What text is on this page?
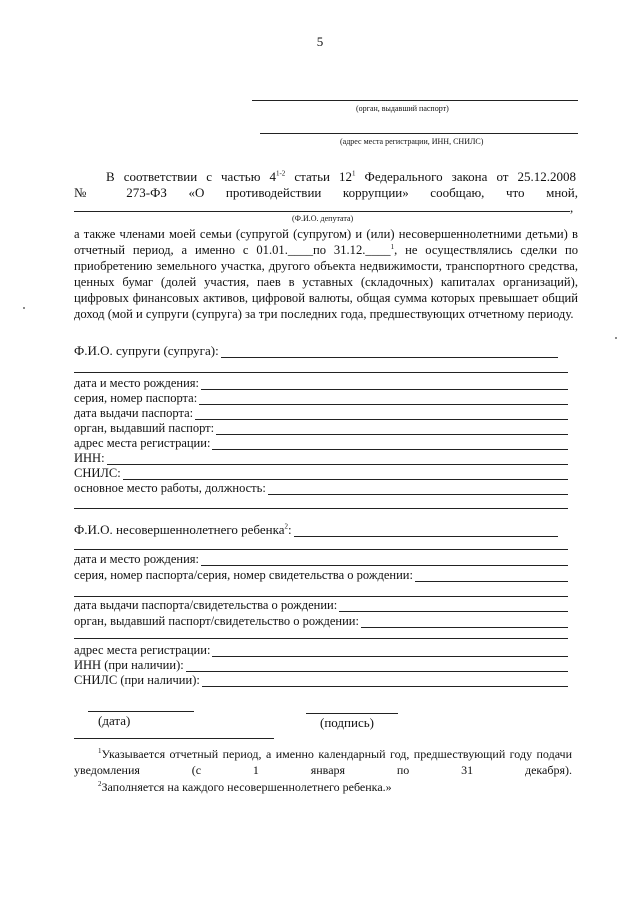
5
(орган, выдавший паспорт)
(адрес места регистрации, ИНН, СНИЛС)
В соответствии с частью 4$^{1-2}$ статьи $12^1$ Федерального закона от 25.12.2008
№ 273-ФЗ «О противодействии коррупции» сообщаю, что мной,
,
(Ф.И.О. депутата)
а также членами моей семьи (супругой (супругом) и (или) несовершеннолетними детьми) в отчетный период, а именно с 01.01.____по 31.12.____$^1$, не осуществлялись сделки по приобретению земельного участка, другого объекта недвижимости, транспортного средства, ценных бумаг (долей участия, паев в уставных (складочных) капиталах организаций), цифровых финансовых активов, цифровой валюты, общая сумма которых превышает общий доход (мой и супруги (супруга) за три последних года, предшествующих отчетному периоду.
Ф.И.О. супруги (супруга):
дата и место рождения:
серия, номер паспорта:
дата выдачи паспорта:
орган, выдавший паспорт:
адрес места регистрации:
ИНН:
СНИЛС:
основное место работы, должность:
Ф.И.О. несовершеннолетнего ребенка$^2$:
дата и место рождения:
серия, номер паспорта/серия, номер свидетельства о рождении:
дата выдачи паспорта/свидетельства о рождении:
орган, выдавший паспорт/свидетельство о рождении:
адрес места регистрации:
ИНН (при наличии):
СНИЛС (при наличии):
(дата)	(подпись)
$^1$Указывается отчетный период, а именно календарный год, предшествующий году подачи уведомления (с 1 января по 31 декабря).
$^2$Заполняется на каждого несовершеннолетнего ребенка.»
